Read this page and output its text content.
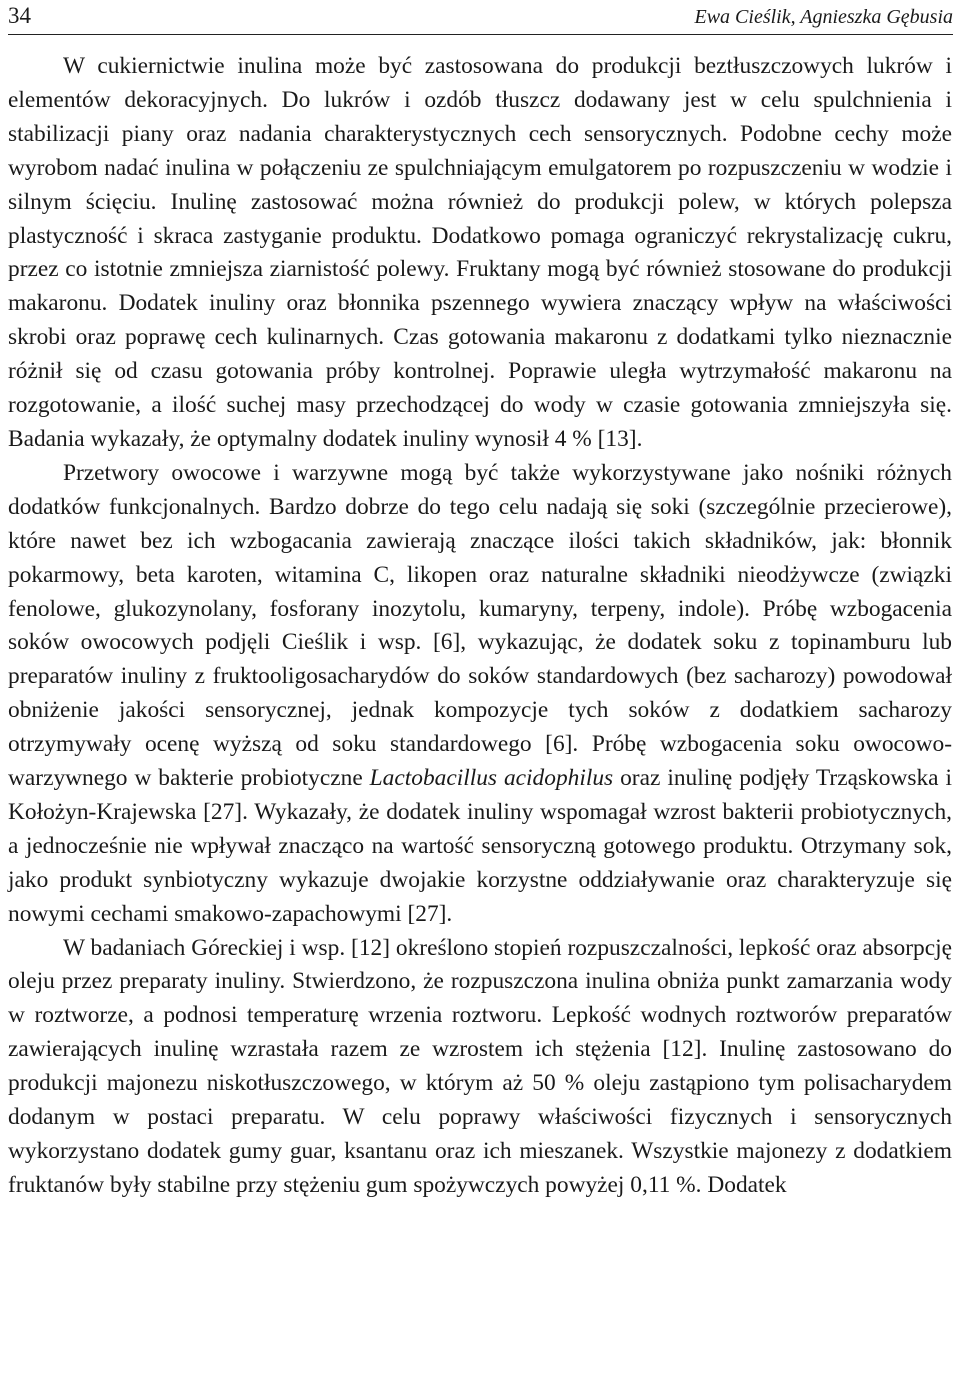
34	Ewa Cieślik, Agnieszka Gębusia

W cukiernictwie inulina może być zastosowana do produkcji beztłuszczowych lukrów i elementów dekoracyjnych. Do lukrów i ozdób tłuszcz dodawany jest w celu spulchnienia i stabilizacji piany oraz nadania charakterystycznych cech sensorycznych. Podobne cechy może wyrobom nadać inulina w połączeniu ze spulchniającym emulgatorem po rozpuszczeniu w wodzie i silnym ścięciu. Inulinę zastosować można również do produkcji polew, w których polepsza plastyczność i skraca zastyganie produktu. Dodatkowo pomaga ograniczyć rekrystalizację cukru, przez co istotnie zmniejsza ziarnistość polewy. Fruktany mogą być również stosowane do produkcji makaronu. Dodatek inuliny oraz błonnika pszennego wywiera znaczący wpływ na właściwości skrobi oraz poprawę cech kulinarnych. Czas gotowania makaronu z dodatkami tylko nieznacznie różnił się od czasu gotowania próby kontrolnej. Poprawie uległa wytrzymałość makaronu na rozgotowanie, a ilość suchej masy przechodzącej do wody w czasie gotowania zmniejszyła się. Badania wykazały, że optymalny dodatek inuliny wynosił 4 % [13].

Przetwory owocowe i warzywne mogą być także wykorzystywane jako nośniki różnych dodatków funkcjonalnych. Bardzo dobrze do tego celu nadają się soki (szczególnie przecierowe), które nawet bez ich wzbogacania zawierają znaczące ilości takich składników, jak: błonnik pokarmowy, beta karoten, witamina C, likopen oraz naturalne składniki nieodżywcze (związki fenolowe, glukozynolany, fosforany inozytolu, kumaryny, terpeny, indole). Próbę wzbogacenia soków owocowych podjęli Cieślik i wsp. [6], wykazując, że dodatek soku z topinamburu lub preparatów inuliny z fruktooligosacharydów do soków standardowych (bez sacharozy) powodował obniżenie jakości sensorycznej, jednak kompozycje tych soków z dodatkiem sacharozy otrzymywały ocenę wyższą od soku standardowego [6]. Próbę wzbogacenia soku owocowo-warzywnego w bakterie probiotyczne Lactobacillus acidophilus oraz inulinę podjęły Trząskowska i Kołożyn-Krajewska [27]. Wykazały, że dodatek inuliny wspomagał wzrost bakterii probiotycznych, a jednocześnie nie wpływał znacząco na wartość sensoryczną gotowego produktu. Otrzymany sok, jako produkt synbiotyczny wykazuje dwojakie korzystne oddziaływanie oraz charakteryzuje się nowymi cechami smakowo-zapachowymi [27].

W badaniach Góreckiej i wsp. [12] określono stopień rozpuszczalności, lepkość oraz absorpcję oleju przez preparaty inuliny. Stwierdzono, że rozpuszczona inulina obniża punkt zamarzania wody w roztworze, a podnosi temperaturę wrzenia roztworu. Lepkość wodnych roztworów preparatów zawierających inulinę wzrastała razem ze wzrostem ich stężenia [12]. Inulinę zastosowano do produkcji majonezu niskotłuszczowego, w którym aż 50 % oleju zastąpiono tym polisacharydem dodanym w postaci preparatu. W celu poprawy właściwości fizycznych i sensorycznych wykorzystano dodatek gumy guar, ksantanu oraz ich mieszanek. Wszystkie majonezy z dodatkiem fruktanów były stabilne przy stężeniu gum spożywczych powyżej 0,11 %. Dodatek
